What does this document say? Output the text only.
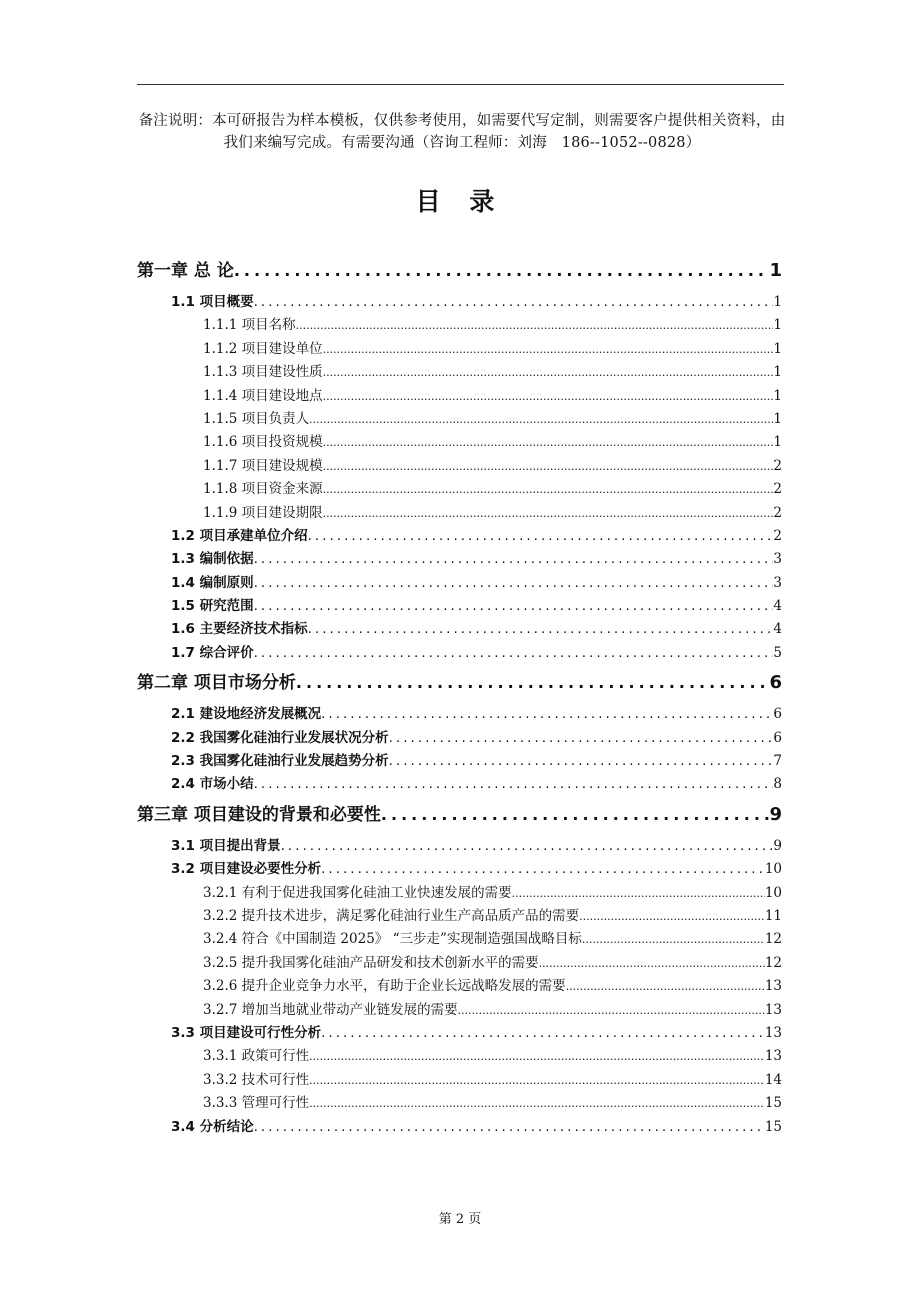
备注说明：本可研报告为样本模板，仅供参考使用，如需要代写定制，则需要客户提供相关资料，由我们来编写完成。有需要沟通（咨询工程师：刘海　186--1052--0828）
目 录
第一章 总 论 .....	1
1.1 项目概要 .....	1
1.1.1 项目名称 .....	1
1.1.2 项目建设单位 .....	1
1.1.3 项目建设性质 .....	1
1.1.4 项目建设地点 .....	1
1.1.5 项目负责人 .....	1
1.1.6 项目投资规模 .....	1
1.1.7 项目建设规模 .....	2
1.1.8 项目资金来源 .....	2
1.1.9 项目建设期限 .....	2
1.2 项目承建单位介绍 .....	2
1.3 编制依据 .....	3
1.4 编制原则 .....	3
1.5 研究范围 .....	4
1.6 主要经济技术指标 .....	4
1.7 综合评价 .....	5
第二章 项目市场分析 .....	6
2.1 建设地经济发展概况 .....	6
2.2 我国雾化硅油行业发展状况分析 .....	6
2.3 我国雾化硅油行业发展趋势分析 .....	7
2.4 市场小结 .....	8
第三章 项目建设的背景和必要性 .....	9
3.1 项目提出背景 .....	9
3.2 项目建设必要性分析 .....	10
3.2.1 有利于促进我国雾化硅油工业快速发展的需要 .....	10
3.2.2 提升技术进步，满足雾化硅油行业生产高品质产品的需要 .....	11
3.2.4 符合《中国制造 2025》 “三步走”实现制造强国战略目标 .....	12
3.2.5 提升我国雾化硅油产品研发和技术创新水平的需要 .....	12
3.2.6 提升企业竞争力水平，有助于企业长远战略发展的需要 .....	13
3.2.7 增加当地就业带动产业链发展的需要 .....	13
3.3 项目建设可行性分析 .....	13
3.3.1 政策可行性 .....	13
3.3.2 技术可行性 .....	14
3.3.3 管理可行性 .....	15
3.4 分析结论 .....	15
第 2 页
